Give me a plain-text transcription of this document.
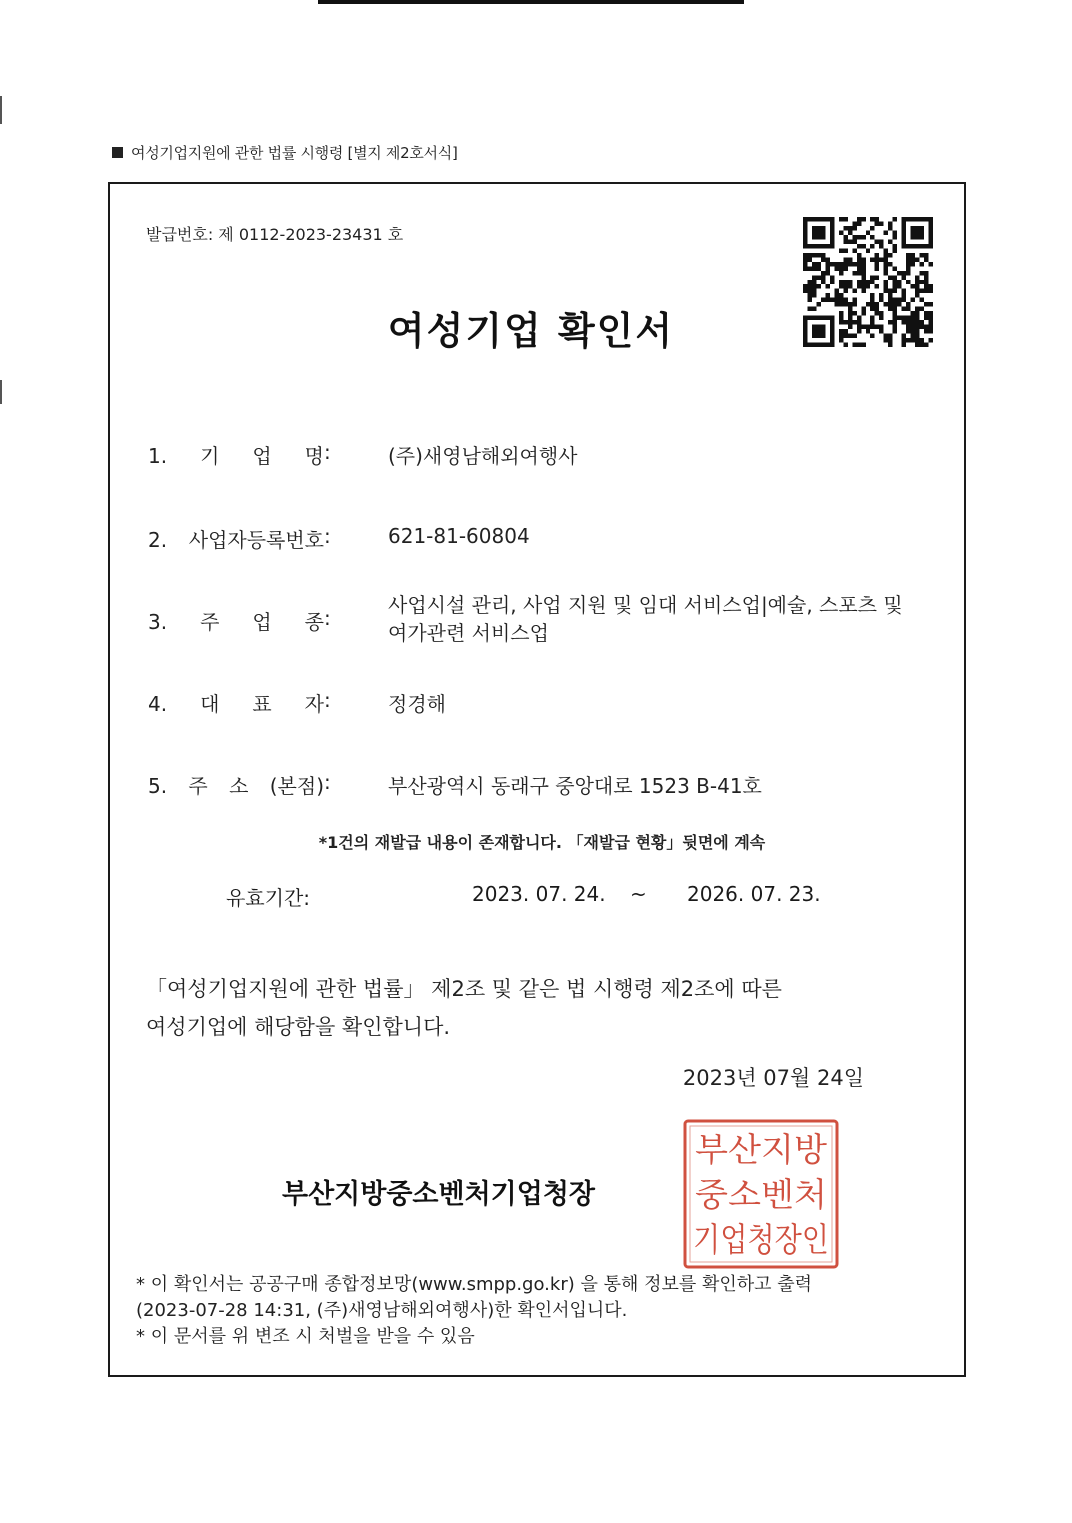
여성기업지원에 관한 법률 시행령 [별지 제2호서식]
발급번호: 제 0112-2023-23431 호
여성기업 확인서
1. 기 업 명:	(주)새영남해외여행사
2. 사업자등록번호:	621-81-60804
3. 주 업 종:
사업시설 관리, 사업 지원 및 임대 서비스업|예술, 스포츠 및 여가관련 서비스업
4. 대 표 자:	정경해
5. 주 소 (본점):	부산광역시 동래구 중앙대로 1523 B-41호
*1건의 재발급 내용이 존재합니다. 「재발급 현황」뒷면에 계속
유효기간:	2023. 07. 24. ~ 2026. 07. 23.
「여성기업지원에 관한 법률」 제2조 및 같은 법 시행령 제2조에 따른
여성기업에 해당함을 확인합니다.
2023년 07월 24일
부산지방중소벤처기업청장
부산지방
중소벤처
기업청장인
* 이 확인서는 공공구매 종합정보망(www.smpp.go.kr) 을 통해 정보를 확인하고 출력
(2023-07-28 14:31, (주)새영남해외여행사)한 확인서입니다.
* 이 문서를 위 변조 시 처벌을 받을 수 있음
